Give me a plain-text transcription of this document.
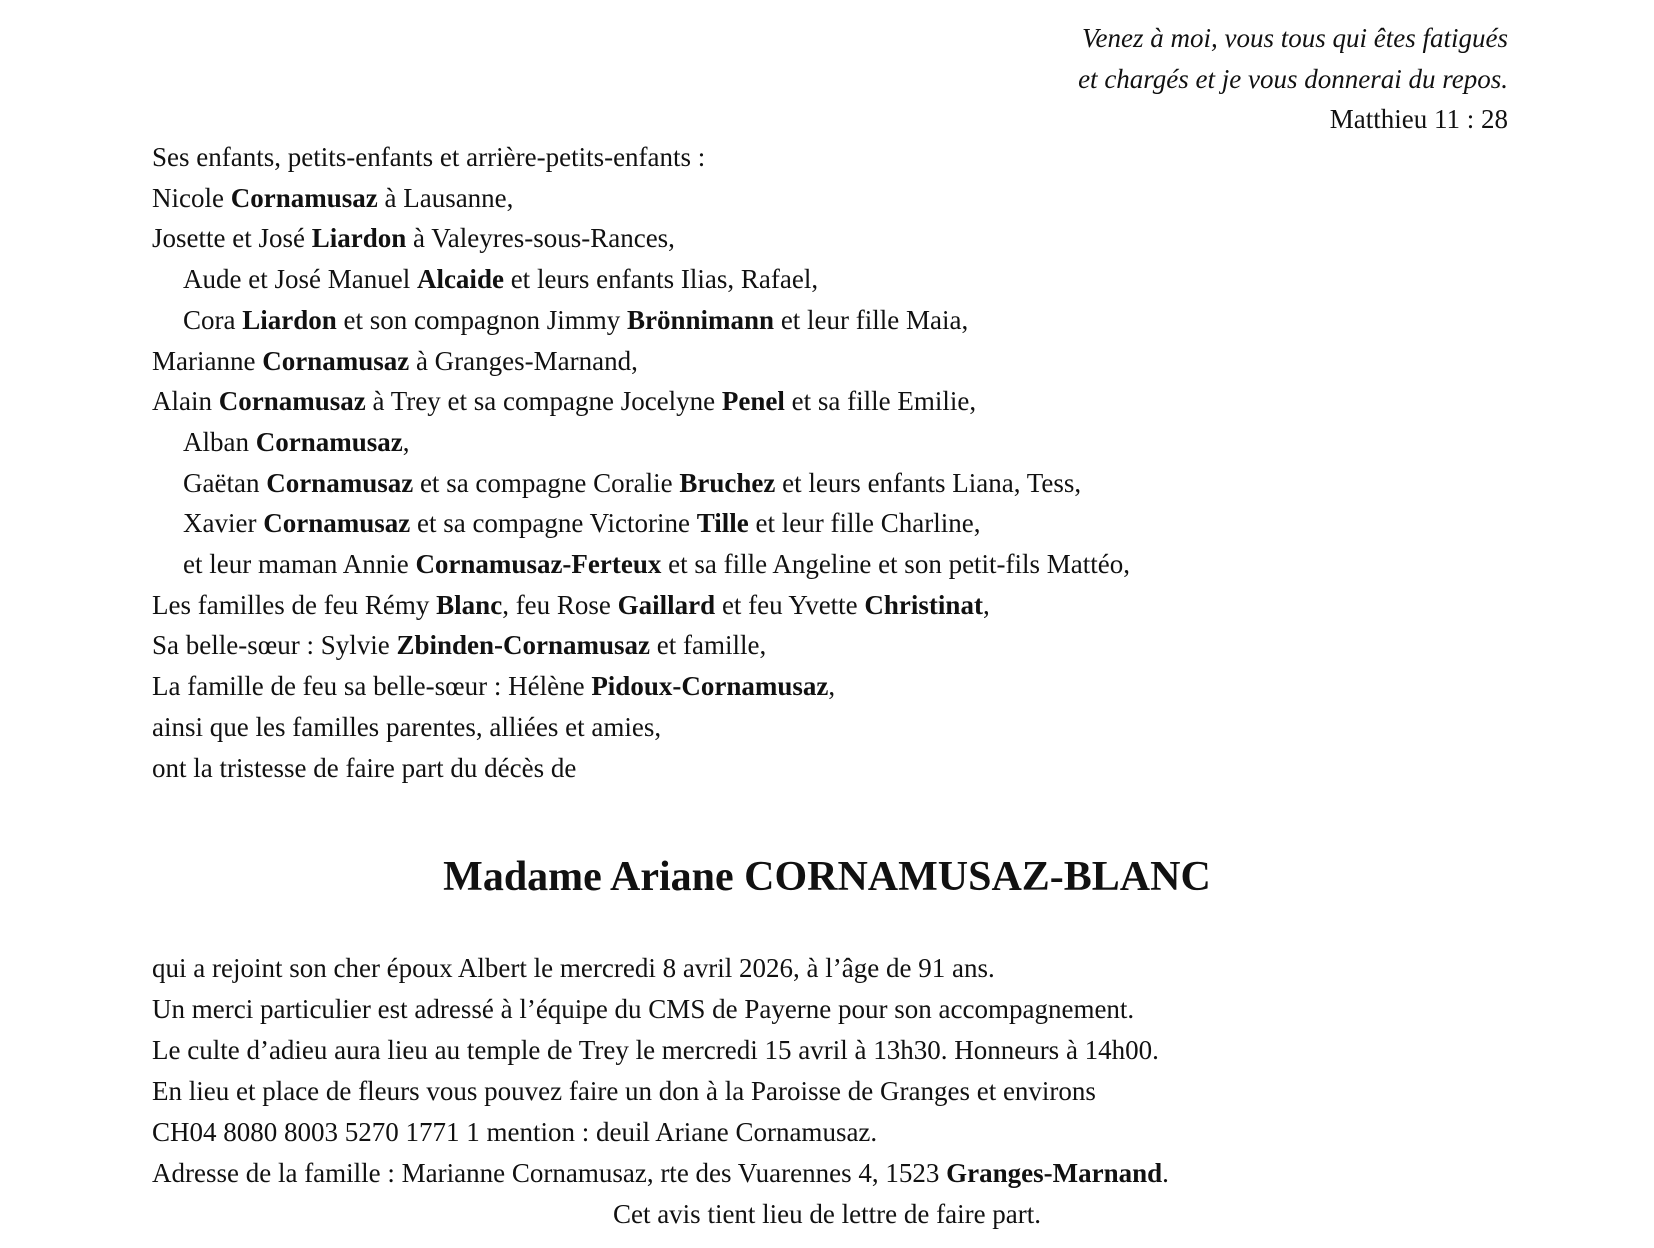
Venez à moi, vous tous qui êtes fatigués
et chargés et je vous donnerai du repos.
Matthieu 11 : 28
Ses enfants, petits-enfants et arrière-petits-enfants :
Nicole Cornamusaz à Lausanne,
Josette et José Liardon à Valeyres-sous-Rances,
Aude et José Manuel Alcaide et leurs enfants Ilias, Rafael,
Cora Liardon et son compagnon Jimmy Brönnimann et leur fille Maia,
Marianne Cornamusaz à Granges-Marnand,
Alain Cornamusaz à Trey et sa compagne Jocelyne Penel et sa fille Emilie,
Alban Cornamusaz,
Gaëtan Cornamusaz et sa compagne Coralie Bruchez et leurs enfants Liana, Tess,
Xavier Cornamusaz et sa compagne Victorine Tille et leur fille Charline,
et leur maman Annie Cornamusaz-Ferteux et sa fille Angeline et son petit-fils Mattéo,
Les familles de feu Rémy Blanc, feu Rose Gaillard et feu Yvette Christinat,
Sa belle-sœur : Sylvie Zbinden-Cornamusaz et famille,
La famille de feu sa belle-sœur : Hélène Pidoux-Cornamusaz,
ainsi que les familles parentes, alliées et amies,
ont la tristesse de faire part du décès de
Madame Ariane CORNAMUSAZ-BLANC
qui a rejoint son cher époux Albert le mercredi 8 avril 2026, à l’âge de 91 ans.
Un merci particulier est adressé à l’équipe du CMS de Payerne pour son accompagnement.
Le culte d’adieu aura lieu au temple de Trey le mercredi 15 avril à 13h30. Honneurs à 14h00.
En lieu et place de fleurs vous pouvez faire un don à la Paroisse de Granges et environs
CH04 8080 8003 5270 1771 1 mention : deuil Ariane Cornamusaz.
Adresse de la famille : Marianne Cornamusaz, rte des Vuarennes 4, 1523 Granges-Marnand.
Cet avis tient lieu de lettre de faire part.
